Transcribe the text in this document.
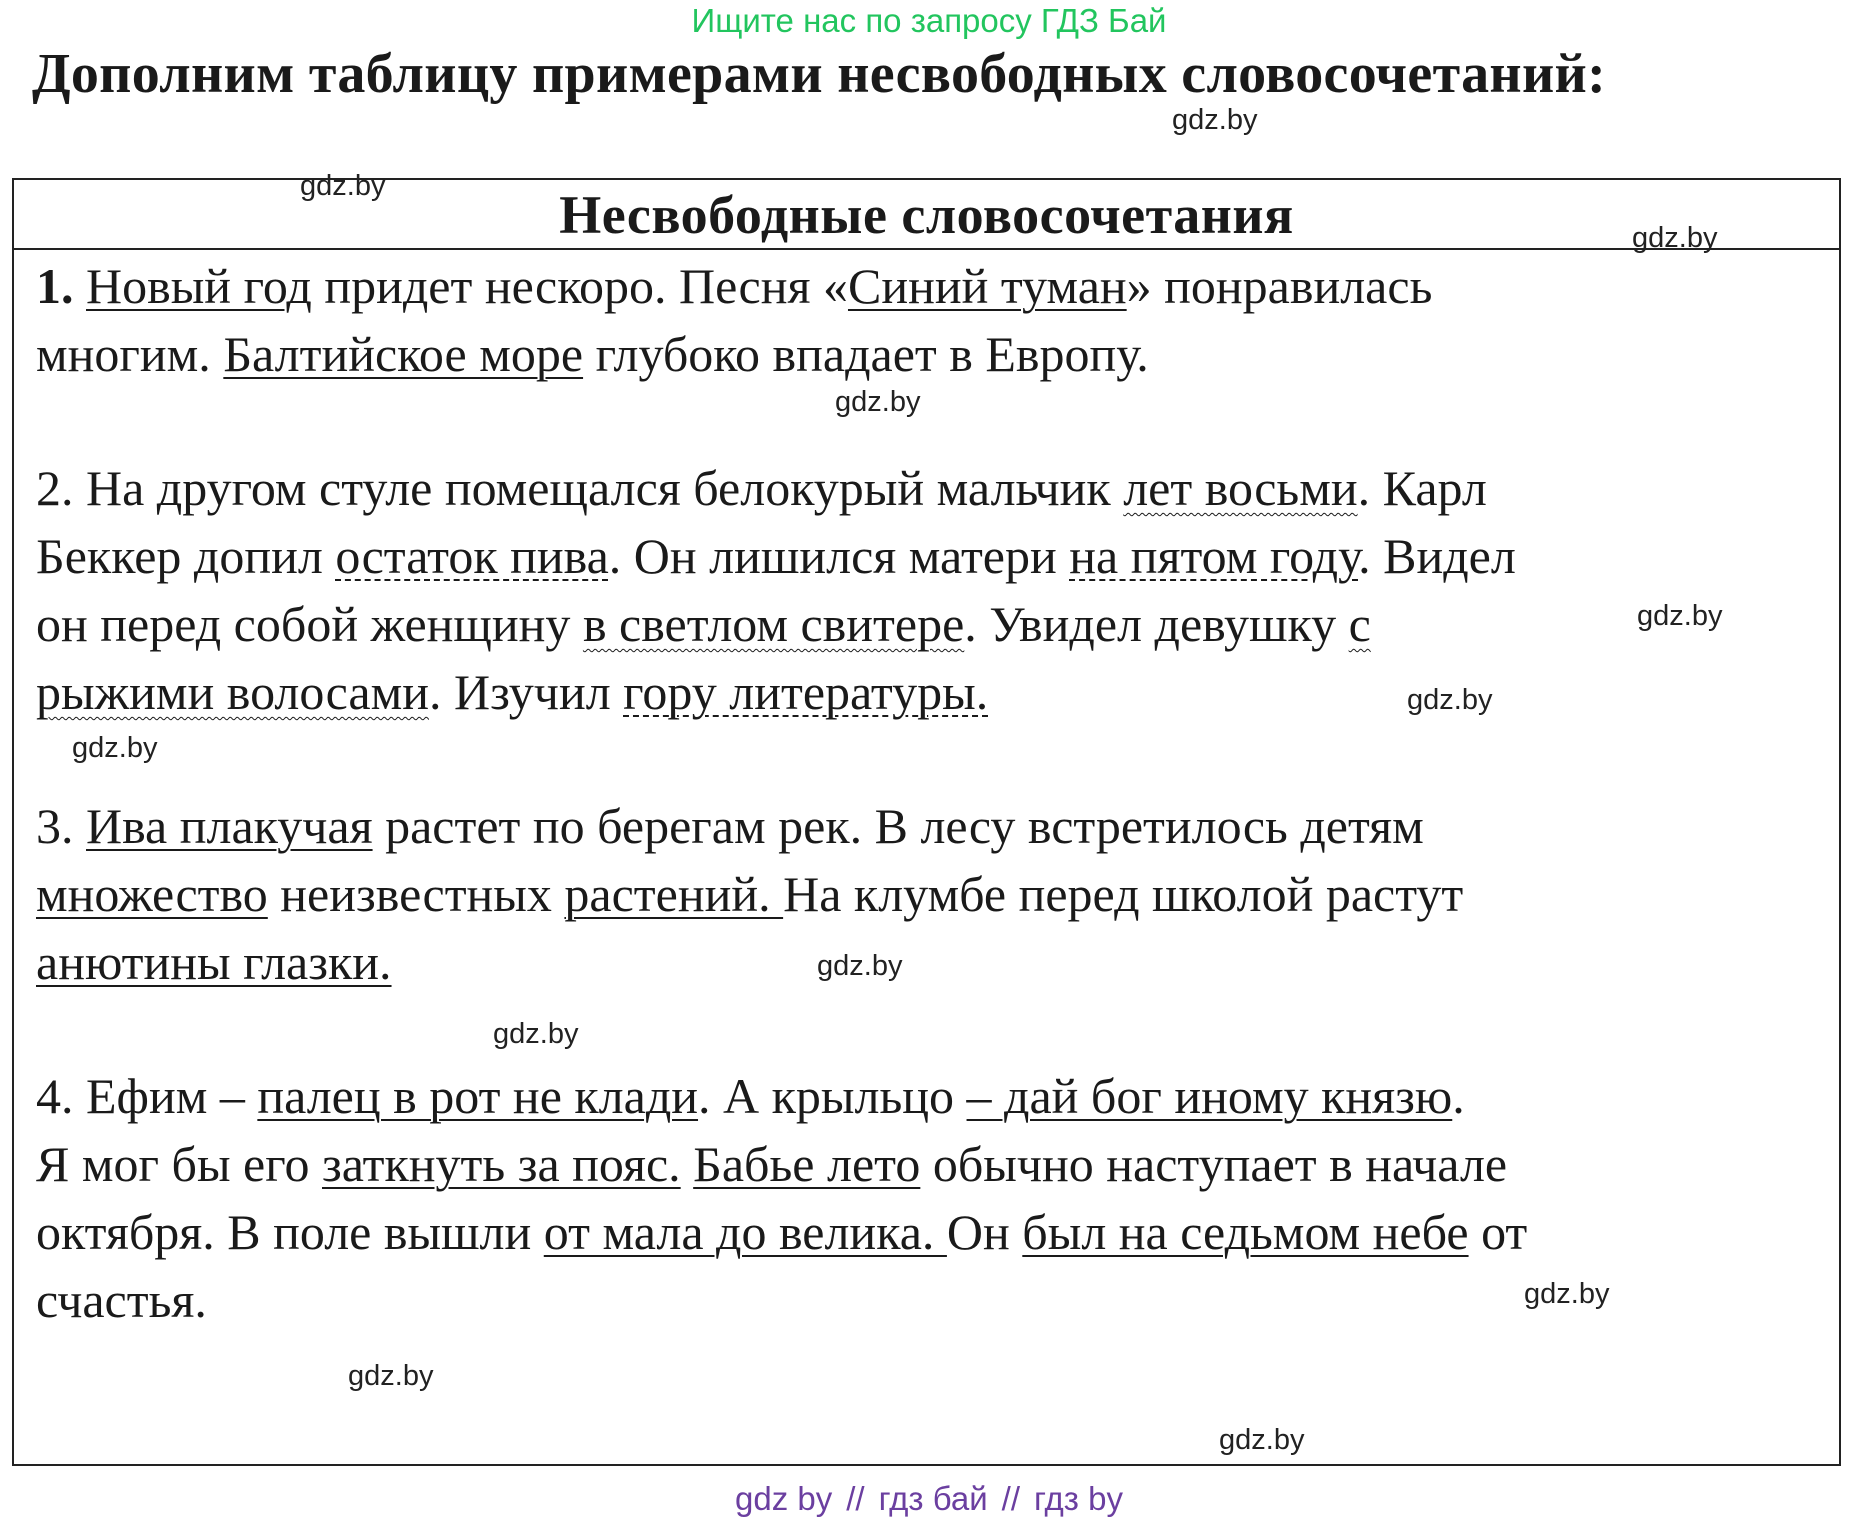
Ищите нас по запросу ГДЗ Бай
Дополним таблицу примерами несвободных словосочетаний:
gdz.by
Несвободные словосочетания
gdz.by
gdz.by
gdz.by
gdz.by
gdz.by
gdz.by
gdz.by
gdz.by
gdz.by
gdz.by
gdz.by
1. Новый год придет нескоро. Песня «Синий туман» понравилась
многим. Балтийское море глубоко впадает в Европу.
2. На другом стуле помещался белокурый мальчик лет восьми. Карл
Беккер допил остаток пива. Он лишился матери на пятом году. Видел
он перед собой женщину в светлом свитере. Увидел девушку с
рыжими волосами. Изучил гору литературы.
3. Ива плакучая растет по берегам рек. В лесу встретилось детям
множество неизвестных растений. На клумбе перед школой растут
анютины глазки.
4. Ефим – палец в рот не клади. А крыльцо – дай бог иному князю.
Я мог бы его заткнуть за пояс. Бабье лето обычно наступает в начале
октября. В поле вышли от мала до велика. Он был на седьмом небе от
счастья.
gdz by // гдз бай // гдз by
